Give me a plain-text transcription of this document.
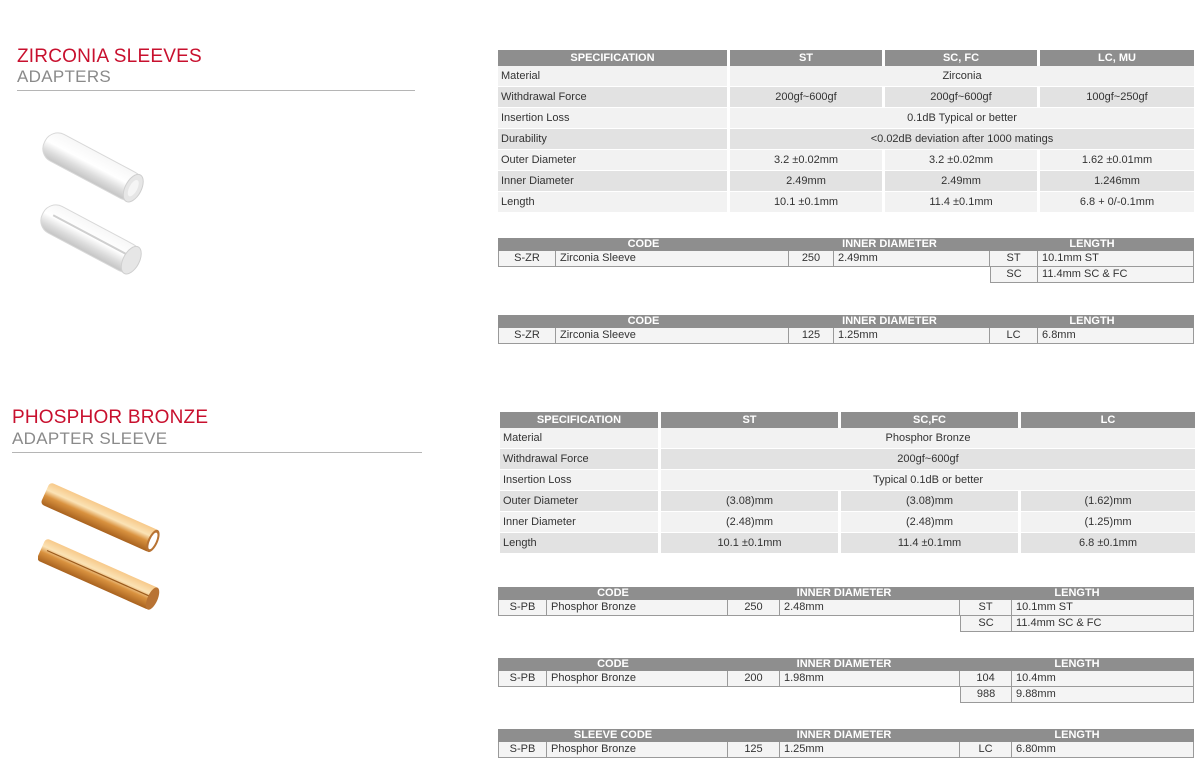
ZIRCONIA SLEEVES
ADAPTERS
SPECIFICATION	ST	SC, FC	LC, MU
Material	Zirconia		
Withdrawal Force	200gf~600gf	200gf~600gf	100gf~250gf
Insertion Loss	0.1dB Typical or better		
Durability	<0.02dB deviation after 1000 matings		
Outer Diameter	3.2 ±0.02mm	3.2 ±0.02mm	1.62 ±0.01mm
Inner Diameter	2.49mm	2.49mm	1.246mm
Length	10.1 ±0.1mm	11.4 ±0.1mm	6.8 + 0/-0.1mm
CODE		INNER DIAMETER		LENGTH	
S-ZR	Zirconia Sleeve	250	2.49mm	ST	10.1mm ST
				SC	11.4mm SC & FC
CODE		INNER DIAMETER		LENGTH	
S-ZR	Zirconia Sleeve	125	1.25mm	LC	6.8mm
PHOSPHOR BRONZE
ADAPTER SLEEVE
SPECIFICATION	ST	SC,FC	LC
Material	Phosphor Bronze		
Withdrawal Force	200gf~600gf		
Insertion Loss	Typical 0.1dB or better		
Outer Diameter	(3.08)mm	(3.08)mm	(1.62)mm
Inner Diameter	(2.48)mm	(2.48)mm	(1.25)mm
Length	10.1 ±0.1mm	11.4 ±0.1mm	6.8 ±0.1mm
CODE		INNER DIAMETER		LENGTH	
S-PB	Phosphor Bronze	250	2.48mm	ST	10.1mm ST
				SC	11.4mm SC & FC
CODE		INNER DIAMETER		LENGTH	
S-PB	Phosphor Bronze	200	1.98mm	104	10.4mm
				988	9.88mm
SLEEVE CODE		INNER DIAMETER		LENGTH	
S-PB	Phosphor Bronze	125	1.25mm	LC	6.80mm
